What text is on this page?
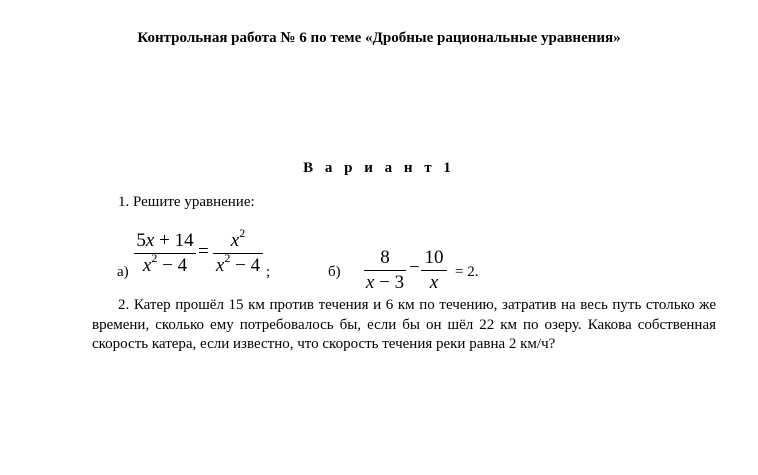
Контрольная работа № 6 по теме «Дробные рациональные уравнения»
В а р и а н т 1
1. Решите уравнение:
а)
5x + 14
$x^2 - 4$
=
$x^2$
$x^2 - 4$ ;	б)
8
x − 3
− 10
x	= 2.

2. Катер прошёл 15 км против течения и 6 км по течению, затратив на весь путь столько же времени, сколько ему потребовалось бы, если бы он шёл 22 км по озеру. Какова собственная скорость катера, если известно, что скорость течения реки равна 2 км/ч?
